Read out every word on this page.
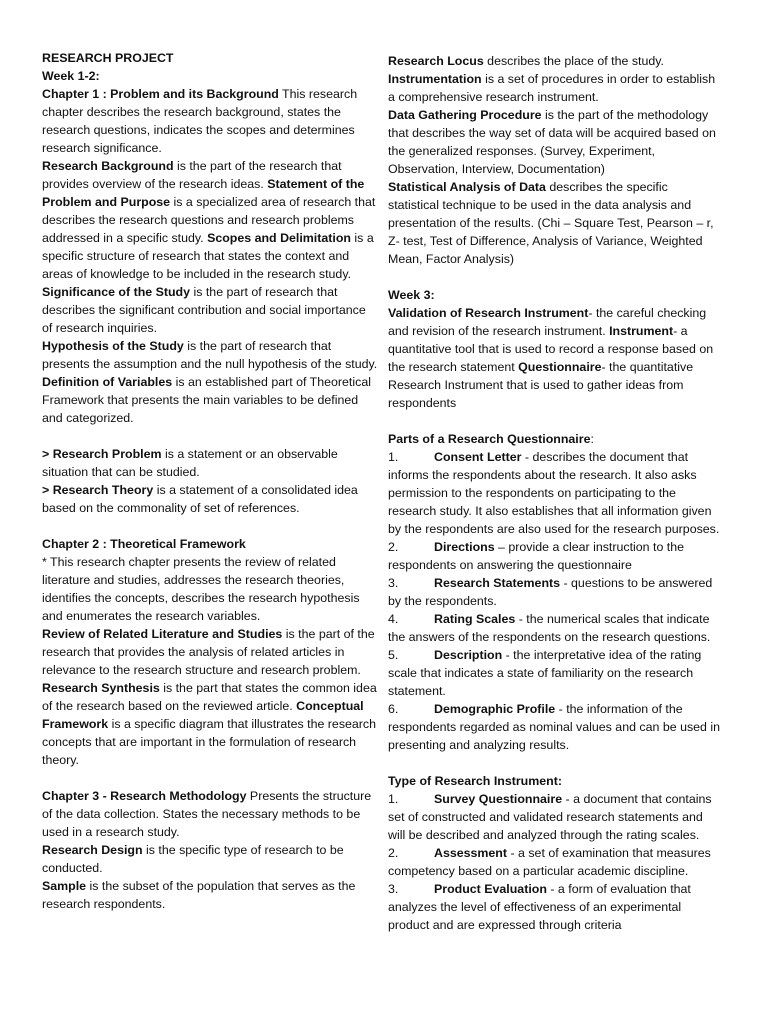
RESEARCH PROJECT

Week 1-2:

Chapter 1 : Problem and its Background This research chapter describes the research background, states the research questions, indicates the scopes and determines research significance.

Research Background is the part of the research that provides overview of the research ideas. Statement of the Problem and Purpose is a specialized area of research that describes the research questions and research problems addressed in a specific study. Scopes and Delimitation is a specific structure of research that states the context and areas of knowledge to be included in the research study.

Significance of the Study is the part of research that describes the significant contribution and social importance of research inquiries.

Hypothesis of the Study is the part of research that presents the assumption and the null hypothesis of the study.

Definition of Variables is an established part of Theoretical Framework that presents the main variables to be defined and categorized.

> Research Problem is a statement or an observable situation that can be studied.

> Research Theory is a statement of a consolidated idea based on the commonality of set of references.

Chapter 2 : Theoretical Framework

* This research chapter presents the review of related literature and studies, addresses the research theories, identifies the concepts, describes the research hypothesis and enumerates the research variables.

Review of Related Literature and Studies is the part of the research that provides the analysis of related articles in relevance to the research structure and research problem.

Research Synthesis is the part that states the common idea of the research based on the reviewed article. Conceptual Framework is a specific diagram that illustrates the research concepts that are important in the formulation of research theory.

Chapter 3 - Research Methodology Presents the structure of the data collection. States the necessary methods to be used in a research study.

Research Design is the specific type of research to be conducted.

Sample is the subset of the population that serves as the research respondents.

Research Locus describes the place of the study.

Instrumentation is a set of procedures in order to establish a comprehensive research instrument.

Data Gathering Procedure is the part of the methodology that describes the way set of data will be acquired based on the generalized responses. (Survey, Experiment, Observation, Interview, Documentation)

Statistical Analysis of Data describes the specific statistical technique to be used in the data analysis and presentation of the results. (Chi – Square Test, Pearson – r, Z- test, Test of Difference, Analysis of Variance, Weighted Mean, Factor Analysis)

Week 3:

Validation of Research Instrument- the careful checking and revision of the research instrument. Instrument- a quantitative tool that is used to record a response based on the research statement Questionnaire- the quantitative Research Instrument that is used to gather ideas from respondents

Parts of a Research Questionnaire:

1.	Consent Letter - describes the document that informs the respondents about the research. It also asks permission to the respondents on participating to the research study. It also establishes that all information given by the respondents are also used for the research purposes.

2.	Directions – provide a clear instruction to the respondents on answering the questionnaire

3.	Research Statements - questions to be answered by the respondents.

4.	Rating Scales - the numerical scales that indicate the answers of the respondents on the research questions.

5.	Description - the interpretative idea of the rating scale that indicates a state of familiarity on the research statement.

6.	Demographic Profile - the information of the respondents regarded as nominal values and can be used in presenting and analyzing results.

Type of Research Instrument:

1.	Survey Questionnaire - a document that contains set of constructed and validated research statements and will be described and analyzed through the rating scales.

2.	Assessment - a set of examination that measures competency based on a particular academic discipline.

3.	Product Evaluation - a form of evaluation that analyzes the level of effectiveness of an experimental product and are expressed through criteria
